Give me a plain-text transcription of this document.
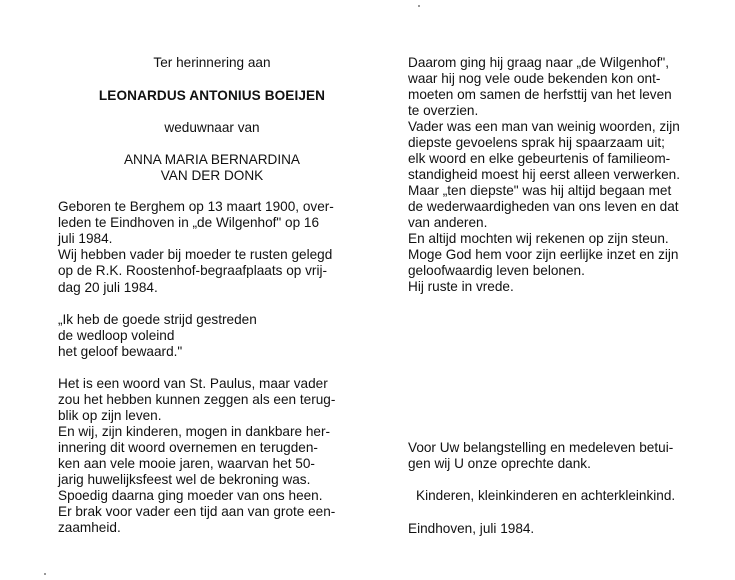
Ter herinnering aan
LEONARDUS ANTONIUS BOEIJEN
weduwnaar van
ANNA MARIA BERNARDINA
VAN DER DONK
Geboren te Berghem op 13 maart 1900, over-
leden te Eindhoven in „de Wilgenhof" op 16
juli 1984.
Wij hebben vader bij moeder te rusten gelegd
op de R.K. Roostenhof-begraafplaats op vrij-
dag 20 juli 1984.
„Ik heb de goede strijd gestreden
de wedloop voleind
het geloof bewaard."
Het is een woord van St. Paulus, maar vader
zou het hebben kunnen zeggen als een terug-
blik op zijn leven.
En wij, zijn kinderen, mogen in dankbare her-
innering dit woord overnemen en terugden-
ken aan vele mooie jaren, waarvan het 50-
jarig huwelijksfeest wel de bekroning was.
Spoedig daarna ging moeder van ons heen.
Er brak voor vader een tijd aan van grote een-
zaamheid.
Daarom ging hij graag naar „de Wilgenhof",
waar hij nog vele oude bekenden kon ont-
moeten om samen de herfsttij van het leven
te overzien.
Vader was een man van weinig woorden, zijn
diepste gevoelens sprak hij spaarzaam uit;
elk woord en elke gebeurtenis of familieom-
standigheid moest hij eerst alleen verwerken.
Maar „ten diepste" was hij altijd begaan met
de wederwaardigheden van ons leven en dat
van anderen.
En altijd mochten wij rekenen op zijn steun.
Moge God hem voor zijn eerlijke inzet en zijn
geloofwaardig leven belonen.
Hij ruste in vrede.
Voor Uw belangstelling en medeleven betui-
gen wij U onze oprechte dank.
Kinderen, kleinkinderen en achterkleinkind.
Eindhoven, juli 1984.
